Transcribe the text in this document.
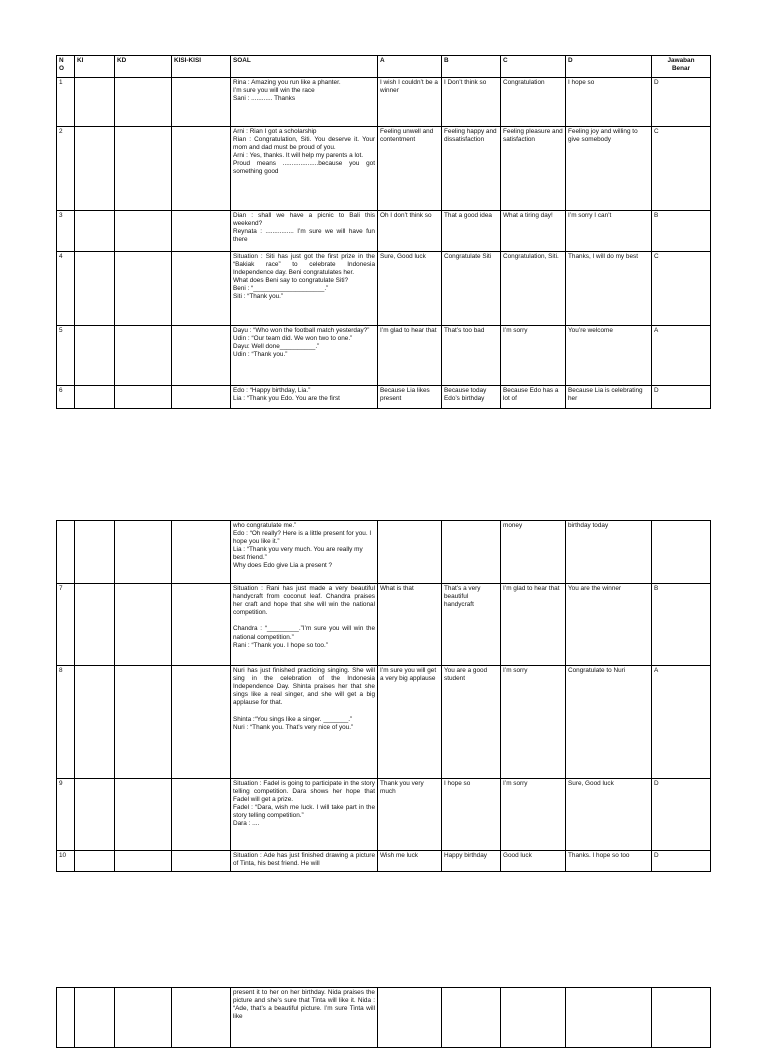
N
O	KI	KD	KISI-KISI	SOAL	A	B	C	D	Jawaban
Benar
1				Rina : Amazing you run like a phanter.
I’m sure you will win the race
Sani : ............ Thanks	I wish I couldn’t be a winner	I Don’t think so	Congratulation	I hope so	D
2				Arni : Rian I got a scholarship
Rian : Congratulation, Siti. You deserve it. Your mom and dad must be proud of you.
Arni : Yes, thanks. It will help my parents a lot.
Proud means ....................because you got something good	Feeling unwell and contentment	Feeling happy and dissatisfaction	Feeling pleasure and satisfaction	Feeling joy and willing to give somebody	C
3				Dian : shall we have a picnic to Bali this weekend?
Reynata : ................ I’m sure we will have fun there	Oh I don’t think so	That a good idea	What a tiring day!	I’m sorry I can’t	B
4				Situation : Siti has just got the first prize in the “Bakiak race” to celebrate Indonesia Independence day. Beni congratulates her.
What does Beni say to congratulate Siti?
Beni : “____________________.”
Siti : “Thank you.”	Sure, Good luck	Congratulate Siti	Congratulation, Siti.	Thanks, I will do my best	C
5				Dayu : “Who won the football match yesterday?”
Udin : “Our team did. We won two to one.”
Dayu: Well done__________.”
Udin : “Thank you.”	I’m glad to hear that	That’s too bad	I’m sorry	You’re welcome	A
6				Edo : “Happy birthday, Lia.”
Lia : “Thank you Edo. You are the first	Because Lia likes present	Because today Edo’s birthday	Because Edo has a lot of	Because Lia is celebrating her	D
				who congratulate me.”
Edo : “Oh really? Here is a little present for you. I hope you like it.”
Lia : “Thank you very much. You are really my best friend.”
Why does Edo give Lia a present ?			money	birthday today	
7				Situation : Rani has just made a very beautiful handycraft from coconut leaf. Chandra praises her craft and hope that she will win the national competition.

Chandra : “_________.”I’m sure you will win the national competition.”
Rani : “Thank you. I hope so too.”	What is that	That’s a very beautiful handycraft	I’m glad to hear that	You are the winner	B
8				Nuri has just finished practicing singing. She will sing in the celebration of the Indonesia Independence Day. Shinta praises her that she sings like a real singer, and she will get a big applause for that.

Shinta :“You sings like a singer. _______.”
Nuri : “Thank you. That’s very nice of you.”	I’m sure you will get a very big applause	You are a good student	I’m sorry	Congratulate to Nuri	A
9				Situation : Fadel is going to participate in the story telling competition. Dara shows her hope that Fadel will get a prize.
Fadel : “Dara, wish me luck. I will take part in the story telling competition.”
Dara : ....	Thank you very much	I hope so	I’m sorry	Sure, Good luck	D
10				Situation : Ade has just finished drawing a picture of Tinta, his best friend. He will	Wish me luck	Happy birthday	Good luck	Thanks. I hope so too	D
				present it to her on her birthday. Nida praises the picture and she’s sure that Tinta will like it. Nida : “Ade, that’s a beautiful picture. I’m sure Tinta will like					
